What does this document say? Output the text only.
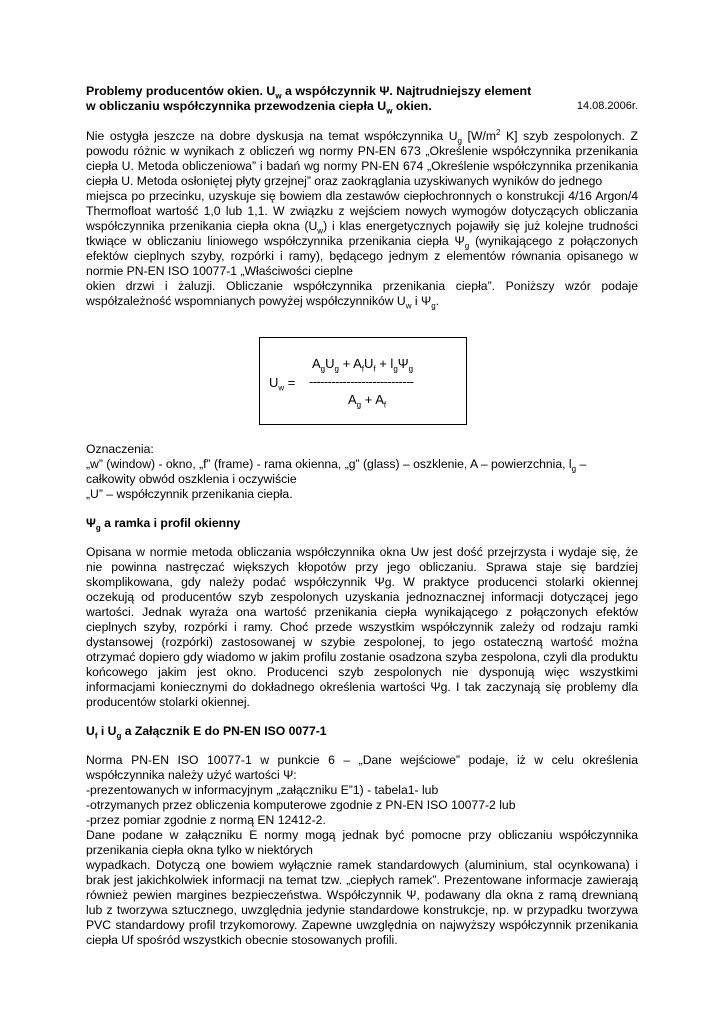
Problemy producentów okien. $U_w$ a współczynnik Ψ. Najtrudniejszy element
w obliczaniu współczynnika przewodzenia ciepła $U_w$ okien.	14.08.2006r.

Nie ostygła jeszcze na dobre dyskusja na temat współczynnika $U_g$ [$W/m^2$ K] szyb zespolonych. Z powodu różnic w wynikach z obliczeń wg normy PN-EN 673 „Określenie współczynnika przenikania ciepła U. Metoda obliczeniowa” i badań wg normy PN-EN 674 „Określenie współczynnika przenikania ciepła U. Metoda osłoniętej płyty grzejnej” oraz zaokrąglania uzyskiwanych wyników do jednego

miejsca po przecinku, uzyskuje się bowiem dla zestawów ciepłochronnych o konstrukcji 4/16 Argon/4 Thermofloat wartość 1,0 lub 1,1. W związku z wejściem nowych wymogów dotyczących obliczania współczynnika przenikania ciepła okna $(U_w)$ i klas energetycznych pojawiły się już kolejne trudności tkwiące w obliczaniu liniowego współczynnika przenikania ciepła $\Psi_g$ (wynikającego z połączonych efektów cieplnych szyby, rozpórki i ramy), będącego jednym z elementów równania opisanego w normie PN-EN ISO 10077-1 „Właściwości cieplne

okien drzwi i żaluzji. Obliczanie współczynnika przenikania ciepła”. Poniższy wzór podaje współzależność wspomnianych powyżej współczynników $U_w$ i $\Psi_g$.

$A_gU_g + A_fU_f + l_g\Psi_g$
$U_w$ = ----------------------------
$A_g + A_f$

Oznaczenia:

„w” (window) - okno, „f” (frame) - rama okienna, „g” (glass) – oszklenie, A – powierzchnia, $l_g$ –

całkowity obwód oszklenia i oczywiście

„U” – współczynnik przenikania ciepła.

$\Psi_g$ a ramka i profil okienny

Opisana w normie metoda obliczania współczynnika okna Uw jest dość przejrzysta i wydaje się, że nie powinna nastręczać większych kłopotów przy jego obliczaniu. Sprawa staje się bardziej skomplikowana, gdy należy podać współczynnik Ψg. W praktyce producenci stolarki okiennej oczekują od producentów szyb zespolonych uzyskania jednoznacznej informacji dotyczącej jego wartości. Jednak wyraża ona wartość przenikania ciepła wynikającego z połączonych efektów cieplnych szyby, rozpórki i ramy. Choć przede wszystkim współczynnik zależy od rodzaju ramki dystansowej (rozpórki) zastosowanej w szybie zespolonej, to jego ostateczną wartość można otrzymać dopiero gdy wiadomo w jakim profilu zostanie osadzona szyba zespolona, czyli dla produktu końcowego jakim jest okno. Producenci szyb zespolonych nie dysponują więc wszystkimi informacjami koniecznymi do dokładnego określenia wartości Ψg. I tak zaczynają się problemy dla producentów stolarki okiennej.

$U_f$ i $U_g$ a Załącznik E do PN-EN ISO 0077-1

Norma PN-EN ISO 10077-1 w punkcie 6 – „Dane wejściowe” podaje, iż w celu określenia współczynnika należy użyć wartości Ψ:

-prezentowanych w informacyjnym „załączniku E”1) - tabela1- lub

-otrzymanych przez obliczenia komputerowe zgodnie z PN-EN ISO 10077-2 lub

-przez pomiar zgodnie z normą EN 12412-2.

Dane podane w załączniku E normy mogą jednak być pomocne przy obliczaniu współczynnika przenikania ciepła okna tylko w niektórych

wypadkach. Dotyczą one bowiem wyłącznie ramek standardowych (aluminium, stal ocynkowana) i brak jest jakichkolwiek informacji na temat tzw. „ciepłych ramek”. Prezentowane informacje zawierają również pewien margines bezpieczeństwa. Współczynnik Ψ, podawany dla okna z ramą drewnianą lub z tworzywa sztucznego, uwzględnia jedynie standardowe konstrukcje, np. w przypadku tworzywa PVC standardowy profil trzykomorowy. Zapewne uwzględnia on najwyższy współczynnik przenikania ciepła Uf spośród wszystkich obecnie stosowanych profili.
